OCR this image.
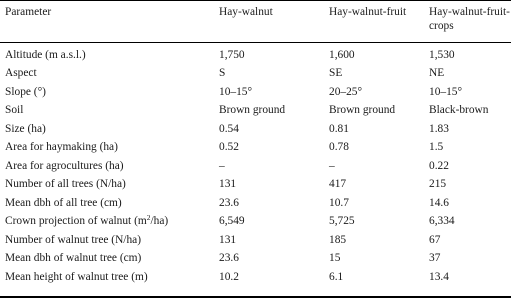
Parameter	Hay-walnut	Hay-walnut-fruit	Hay-walnut-fruit-crops
Altitude (m a.s.l.)	1,750	1,600	1,530
Aspect	S	SE	NE
Slope (°)	10–15°	20–25°	10–15°
Soil	Brown ground	Brown ground	Black-brown
Size (ha)	0.54	0.81	1.83
Area for haymaking (ha)	0.52	0.78	1.5
Area for agrocultures (ha)	–	–	0.22
Number of all trees (N/ha)	131	417	215
Mean dbh of all tree (cm)	23.6	10.7	14.6
Crown projection of walnut $(m^2/ha)$	6,549	5,725	6,334
Number of walnut tree (N/ha)	131	185	67
Mean dbh of walnut tree (cm)	23.6	15	37
Mean height of walnut tree (m)	10.2	6.1	13.4
